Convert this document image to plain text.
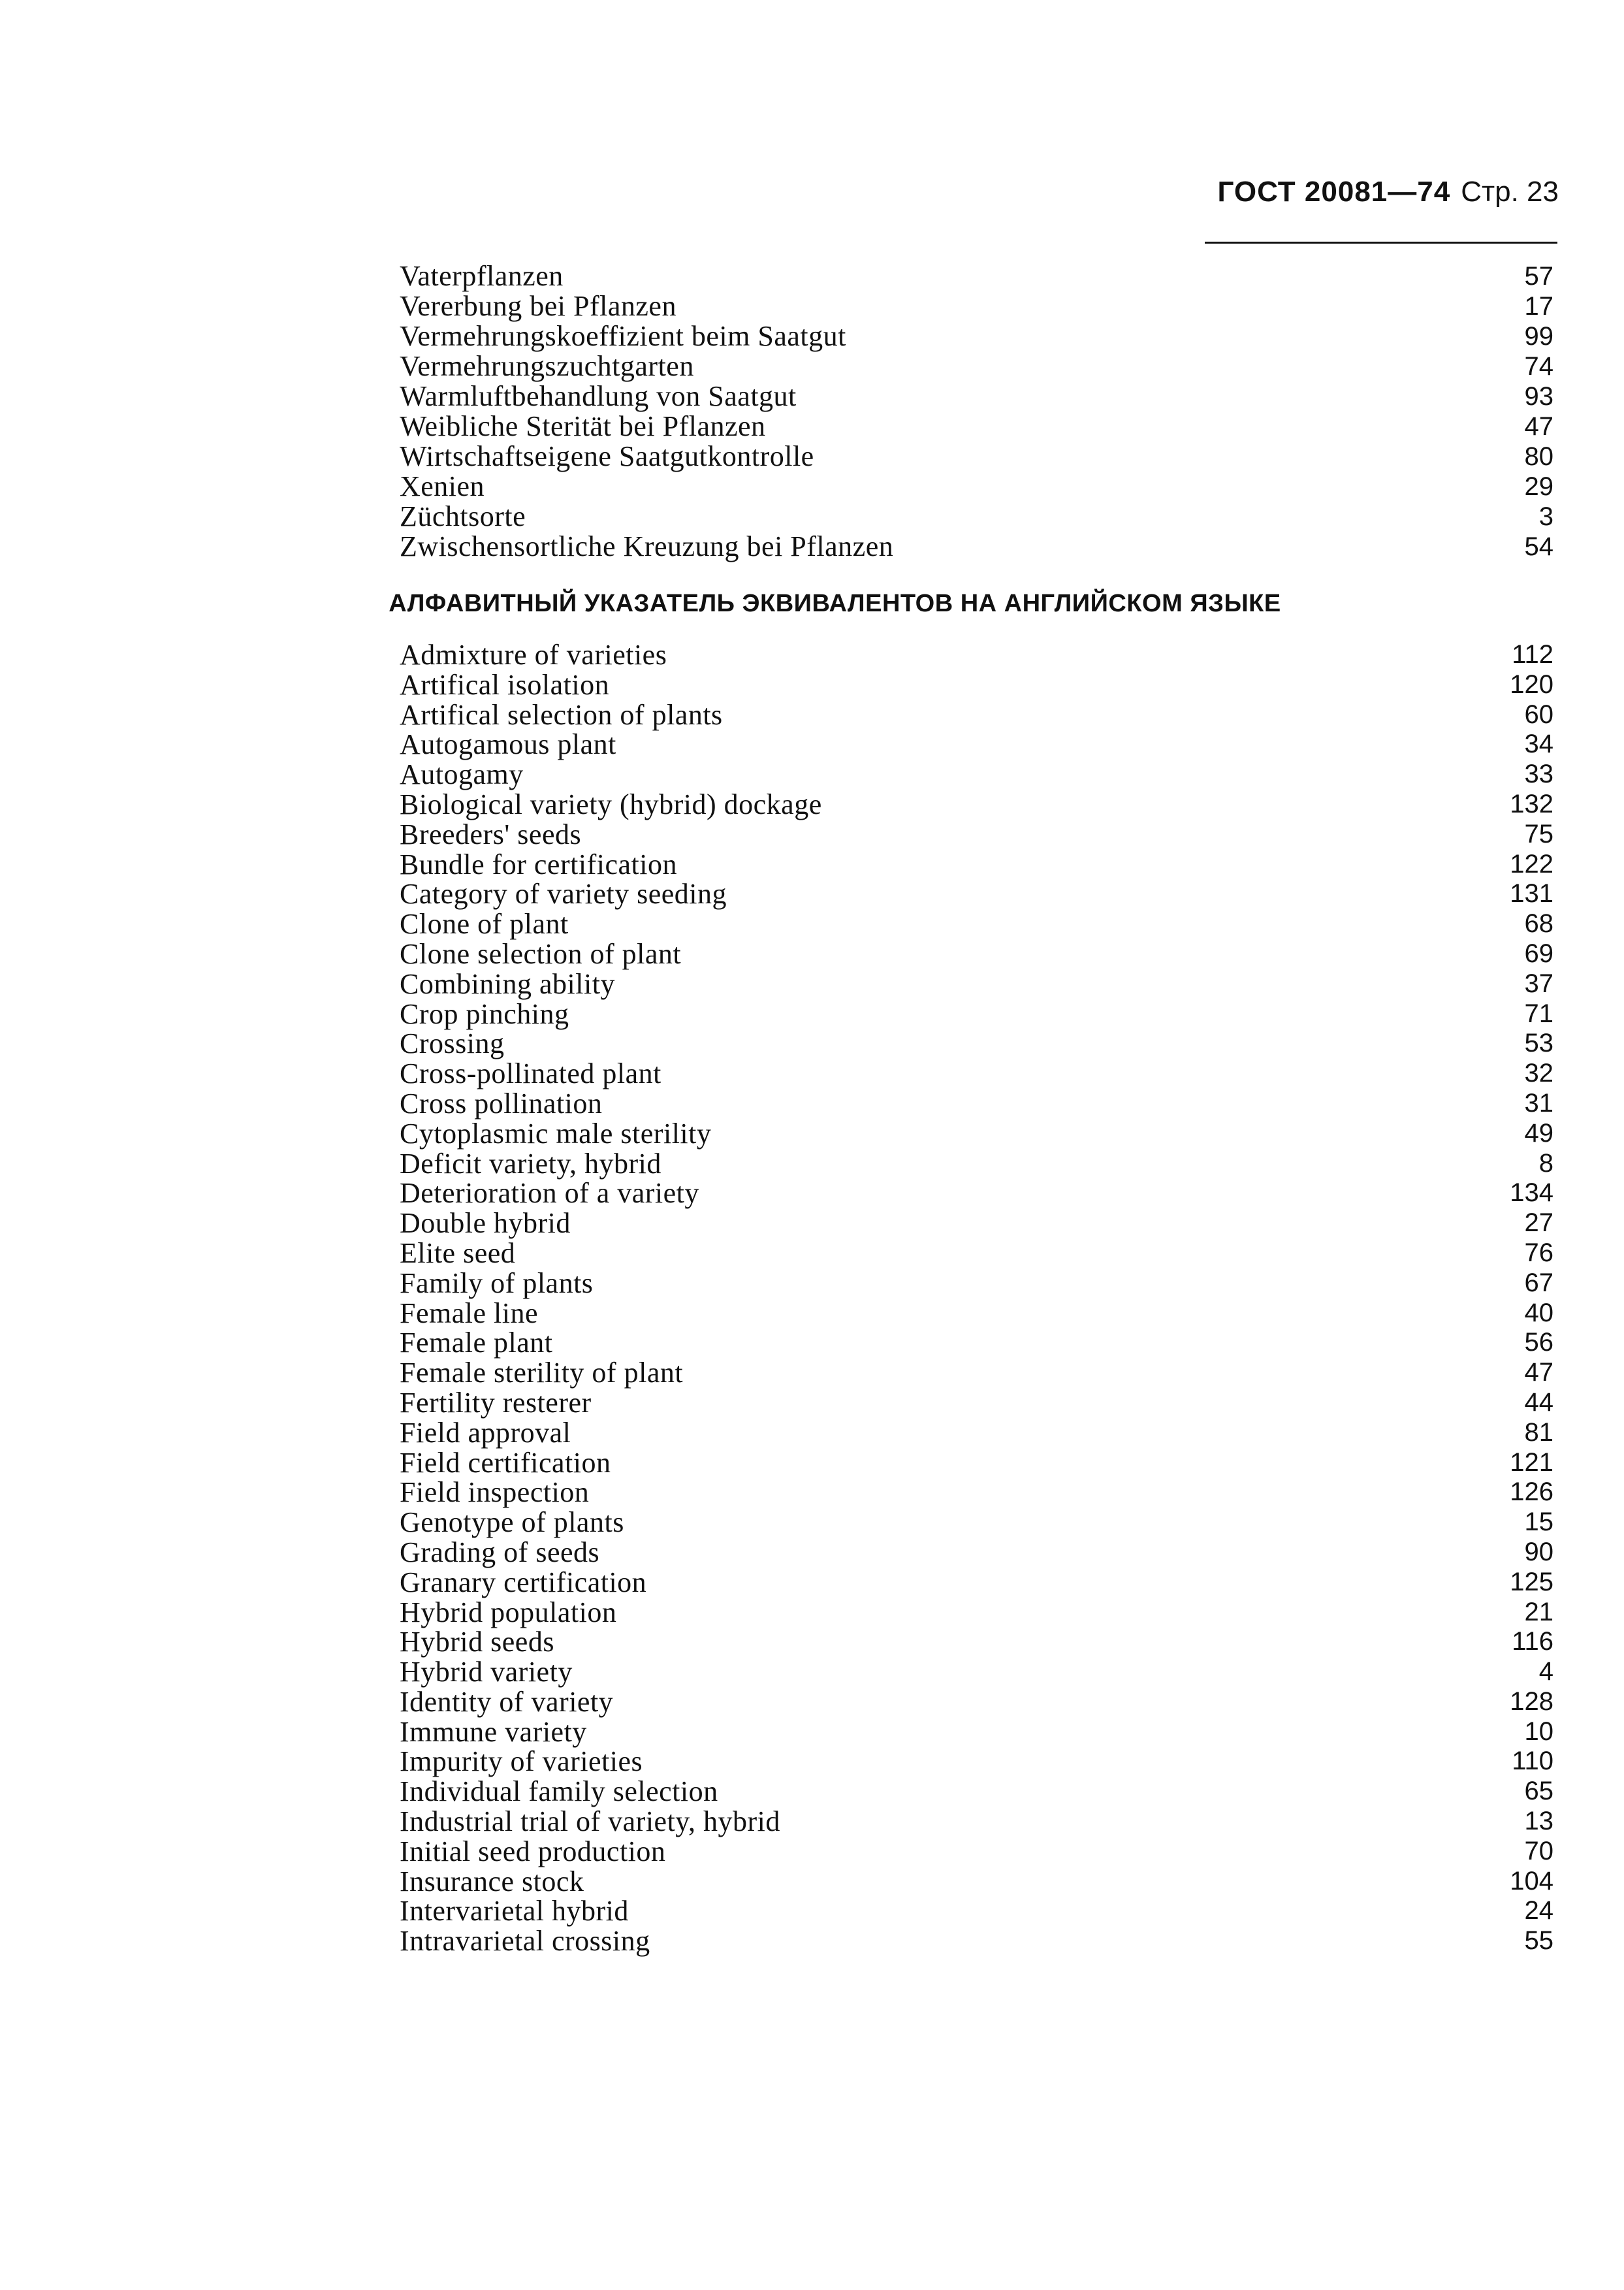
ГОСТ 20081—74 Стр. 23
Vaterpflanzen	57
Vererbung bei Pflanzen	17
Vermehrungskoeffizient beim Saatgut	99
Vermehrungszuchtgarten	74
Warmluftbehandlung von Saatgut	93
Weibliche Sterität bei Pflanzen	47
Wirtschaftseigene Saatgutkontrolle	80
Xenien	29
Züchtsorte	3
Zwischensortliche Kreuzung bei Pflanzen	54
АЛФАВИТНЫЙ УКАЗАТЕЛЬ ЭКВИВАЛЕНТОВ НА АНГЛИЙСКОМ ЯЗЫКЕ
Admixture of varieties	112
Artifical isolation	120
Artifical selection of plants	60
Autogamous plant	34
Autogamy	33
Biological variety (hybrid) dockage	132
Breeders' seeds	75
Bundle for certification	122
Category of variety seeding	131
Clone of plant	68
Clone selection of plant	69
Combining ability	37
Crop pinching	71
Crossing	53
Cross-pollinated plant	32
Cross pollination	31
Cytoplasmic male sterility	49
Deficit variety, hybrid	8
Deterioration of a variety	134
Double hybrid	27
Elite seed	76
Family of plants	67
Female line	40
Female plant	56
Female sterility of plant	47
Fertility resterer	44
Field approval	81
Field certification	121
Field inspection	126
Genotype of plants	15
Grading of seeds	90
Granary certification	125
Hybrid population	21
Hybrid seeds	116
Hybrid variety	4
Identity of variety	128
Immune variety	10
Impurity of varieties	110
Individual family selection	65
Industrial trial of variety, hybrid	13
Initial seed production	70
Insurance stock	104
Intervarietal hybrid	24
Intravarietal crossing	55
